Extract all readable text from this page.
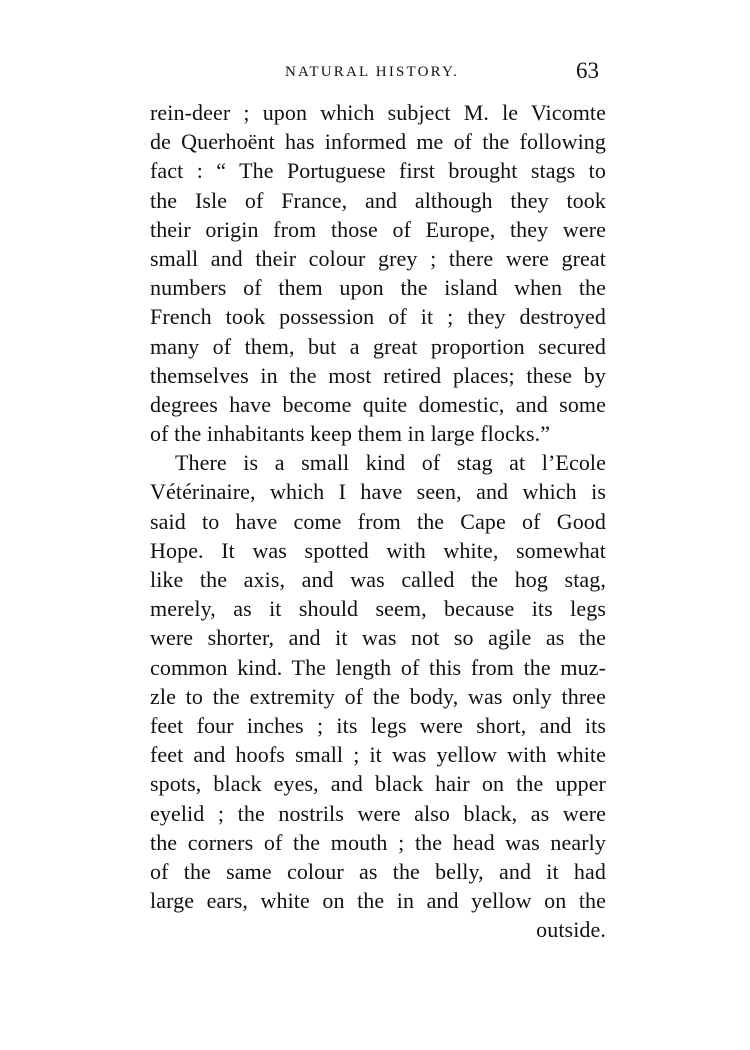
NATURAL HISTORY.	63
rein-deer ; upon which subject M. le Vicomte
de Querhoënt has informed me of the following
fact : “ The Portuguese first brought stags to
the Isle of France, and although they took
their origin from those of Europe, they were
small and their colour grey ; there were great
numbers of them upon the island when the
French took possession of it ; they destroyed
many of them, but a great proportion secured
themselves in the most retired places; these by
degrees have become quite domestic, and some
of the inhabitants keep them in large flocks.”
There is a small kind of stag at l’Ecole
Vétérinaire, which I have seen, and which is
said to have come from the Cape of Good
Hope. It was spotted with white, somewhat
like the axis, and was called the hog stag,
merely, as it should seem, because its legs
were shorter, and it was not so agile as the
common kind. The length of this from the muz-
zle to the extremity of the body, was only three
feet four inches ; its legs were short, and its
feet and hoofs small ; it was yellow with white
spots, black eyes, and black hair on the upper
eyelid ; the nostrils were also black, as were
the corners of the mouth ; the head was nearly
of the same colour as the belly, and it had
large ears, white on the in and yellow on the
outside.
